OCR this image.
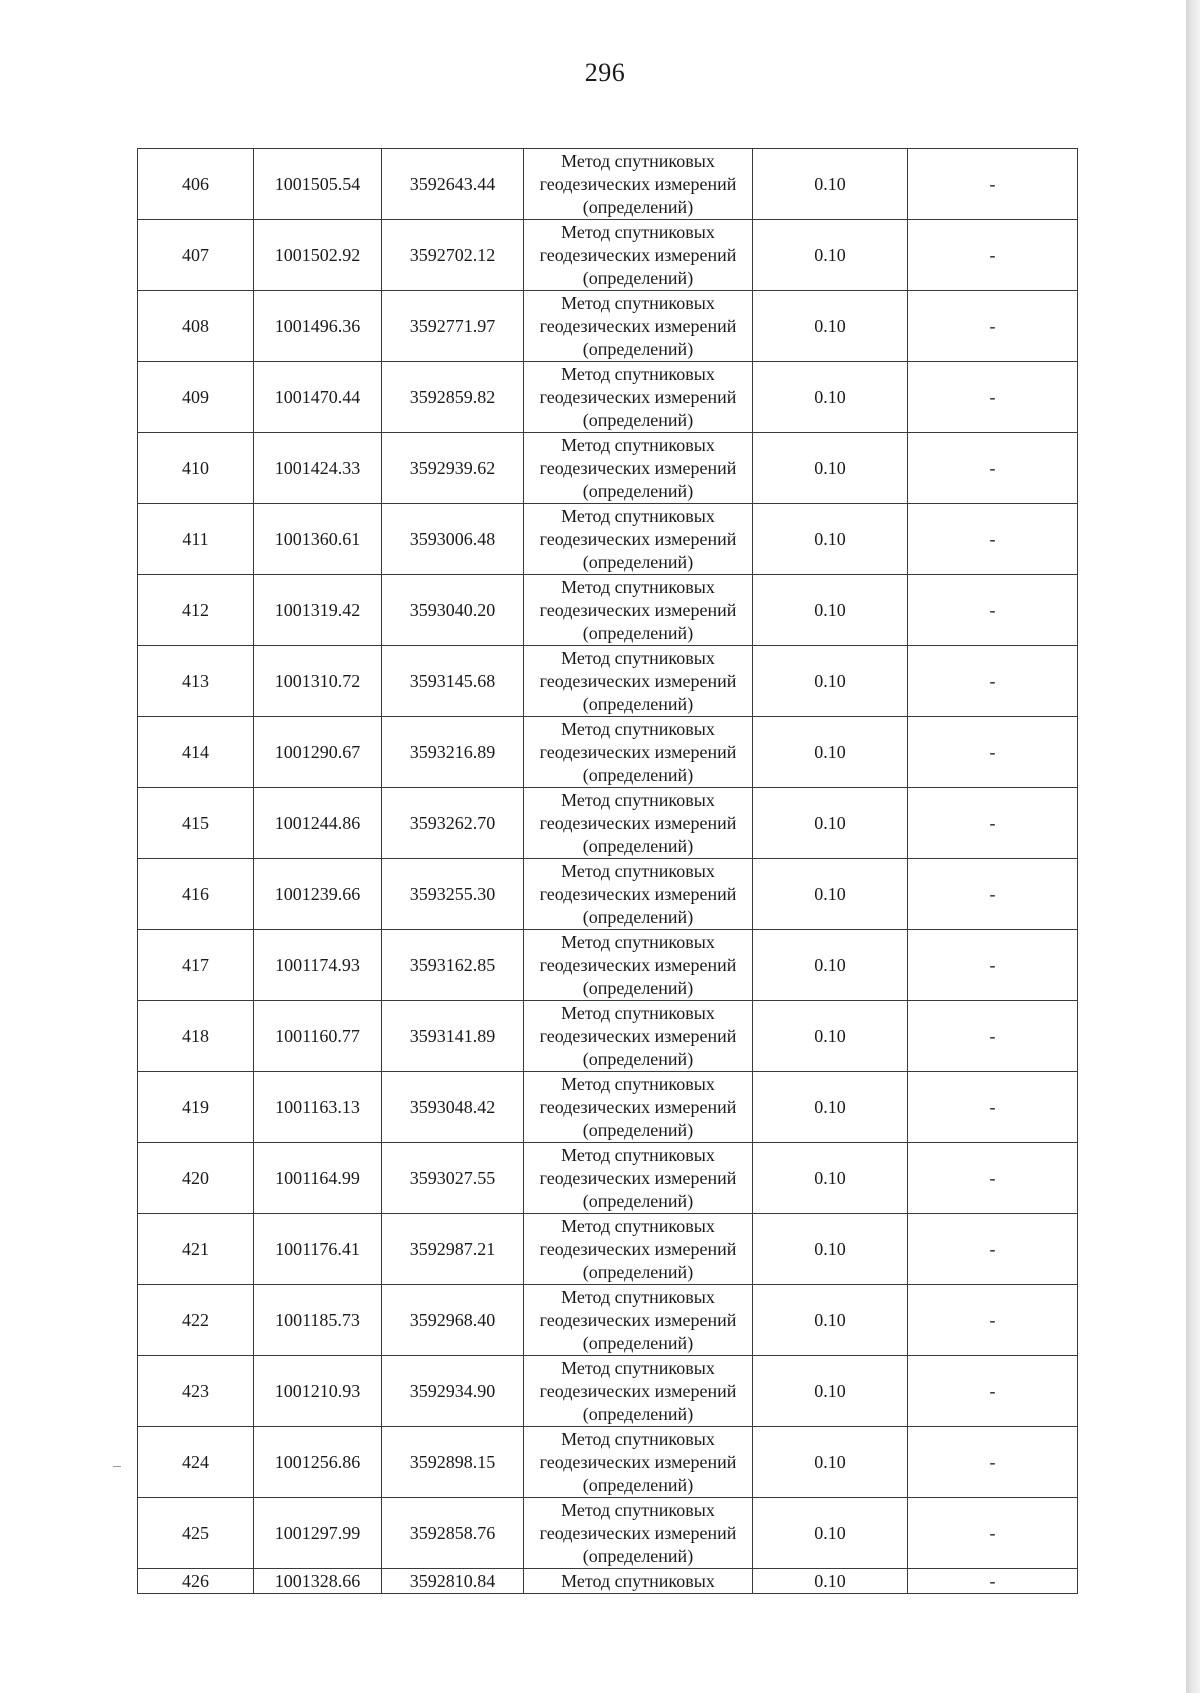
296
406	1001505.54	3592643.44	Метод спутниковых
геодезических измерений
(определений)	0.10	-
407	1001502.92	3592702.12	Метод спутниковых
геодезических измерений
(определений)	0.10	-
408	1001496.36	3592771.97	Метод спутниковых
геодезических измерений
(определений)	0.10	-
409	1001470.44	3592859.82	Метод спутниковых
геодезических измерений
(определений)	0.10	-
410	1001424.33	3592939.62	Метод спутниковых
геодезических измерений
(определений)	0.10	-
411	1001360.61	3593006.48	Метод спутниковых
геодезических измерений
(определений)	0.10	-
412	1001319.42	3593040.20	Метод спутниковых
геодезических измерений
(определений)	0.10	-
413	1001310.72	3593145.68	Метод спутниковых
геодезических измерений
(определений)	0.10	-
414	1001290.67	3593216.89	Метод спутниковых
геодезических измерений
(определений)	0.10	-
415	1001244.86	3593262.70	Метод спутниковых
геодезических измерений
(определений)	0.10	-
416	1001239.66	3593255.30	Метод спутниковых
геодезических измерений
(определений)	0.10	-
417	1001174.93	3593162.85	Метод спутниковых
геодезических измерений
(определений)	0.10	-
418	1001160.77	3593141.89	Метод спутниковых
геодезических измерений
(определений)	0.10	-
419	1001163.13	3593048.42	Метод спутниковых
геодезических измерений
(определений)	0.10	-
420	1001164.99	3593027.55	Метод спутниковых
геодезических измерений
(определений)	0.10	-
421	1001176.41	3592987.21	Метод спутниковых
геодезических измерений
(определений)	0.10	-
422	1001185.73	3592968.40	Метод спутниковых
геодезических измерений
(определений)	0.10	-
423	1001210.93	3592934.90	Метод спутниковых
геодезических измерений
(определений)	0.10	-
424	1001256.86	3592898.15	Метод спутниковых
геодезических измерений
(определений)	0.10	-
425	1001297.99	3592858.76	Метод спутниковых
геодезических измерений
(определений)	0.10	-
426	1001328.66	3592810.84	Метод спутниковых	0.10	-
